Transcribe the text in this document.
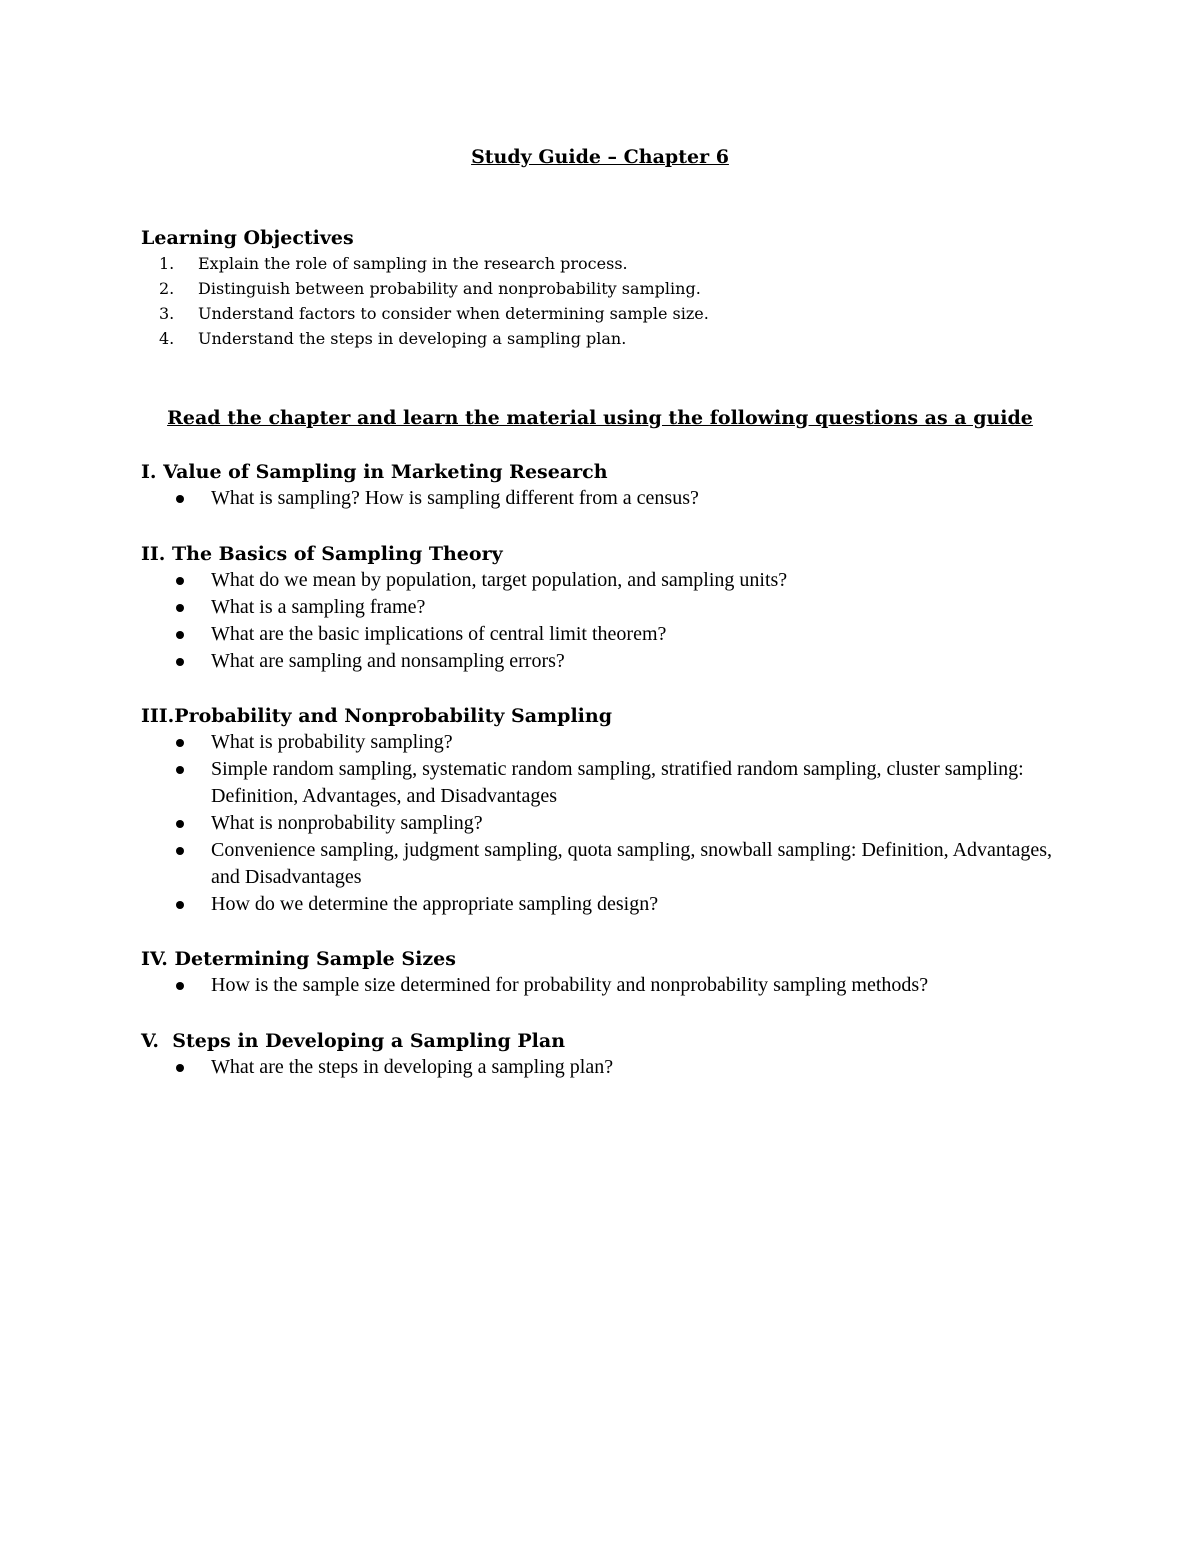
Study Guide – Chapter 6
Learning Objectives
1. Explain the role of sampling in the research process.
2. Distinguish between probability and nonprobability sampling.
3. Understand factors to consider when determining sample size.
4. Understand the steps in developing a sampling plan.
Read the chapter and learn the material using the following questions as a guide
I. Value of Sampling in Marketing Research
What is sampling? How is sampling different from a census?
II. The Basics of Sampling Theory
What do we mean by population, target population, and sampling units?
What is a sampling frame?
What are the basic implications of central limit theorem?
What are sampling and nonsampling errors?
III.Probability and Nonprobability Sampling
What is probability sampling?
Simple random sampling, systematic random sampling, stratified random sampling, cluster sampling: Definition, Advantages, and Disadvantages
What is nonprobability sampling?
Convenience sampling, judgment sampling, quota sampling, snowball sampling: Definition, Advantages, and Disadvantages
How do we determine the appropriate sampling design?
IV. Determining Sample Sizes
How is the sample size determined for probability and nonprobability sampling methods?
V.  Steps in Developing a Sampling Plan
What are the steps in developing a sampling plan?
